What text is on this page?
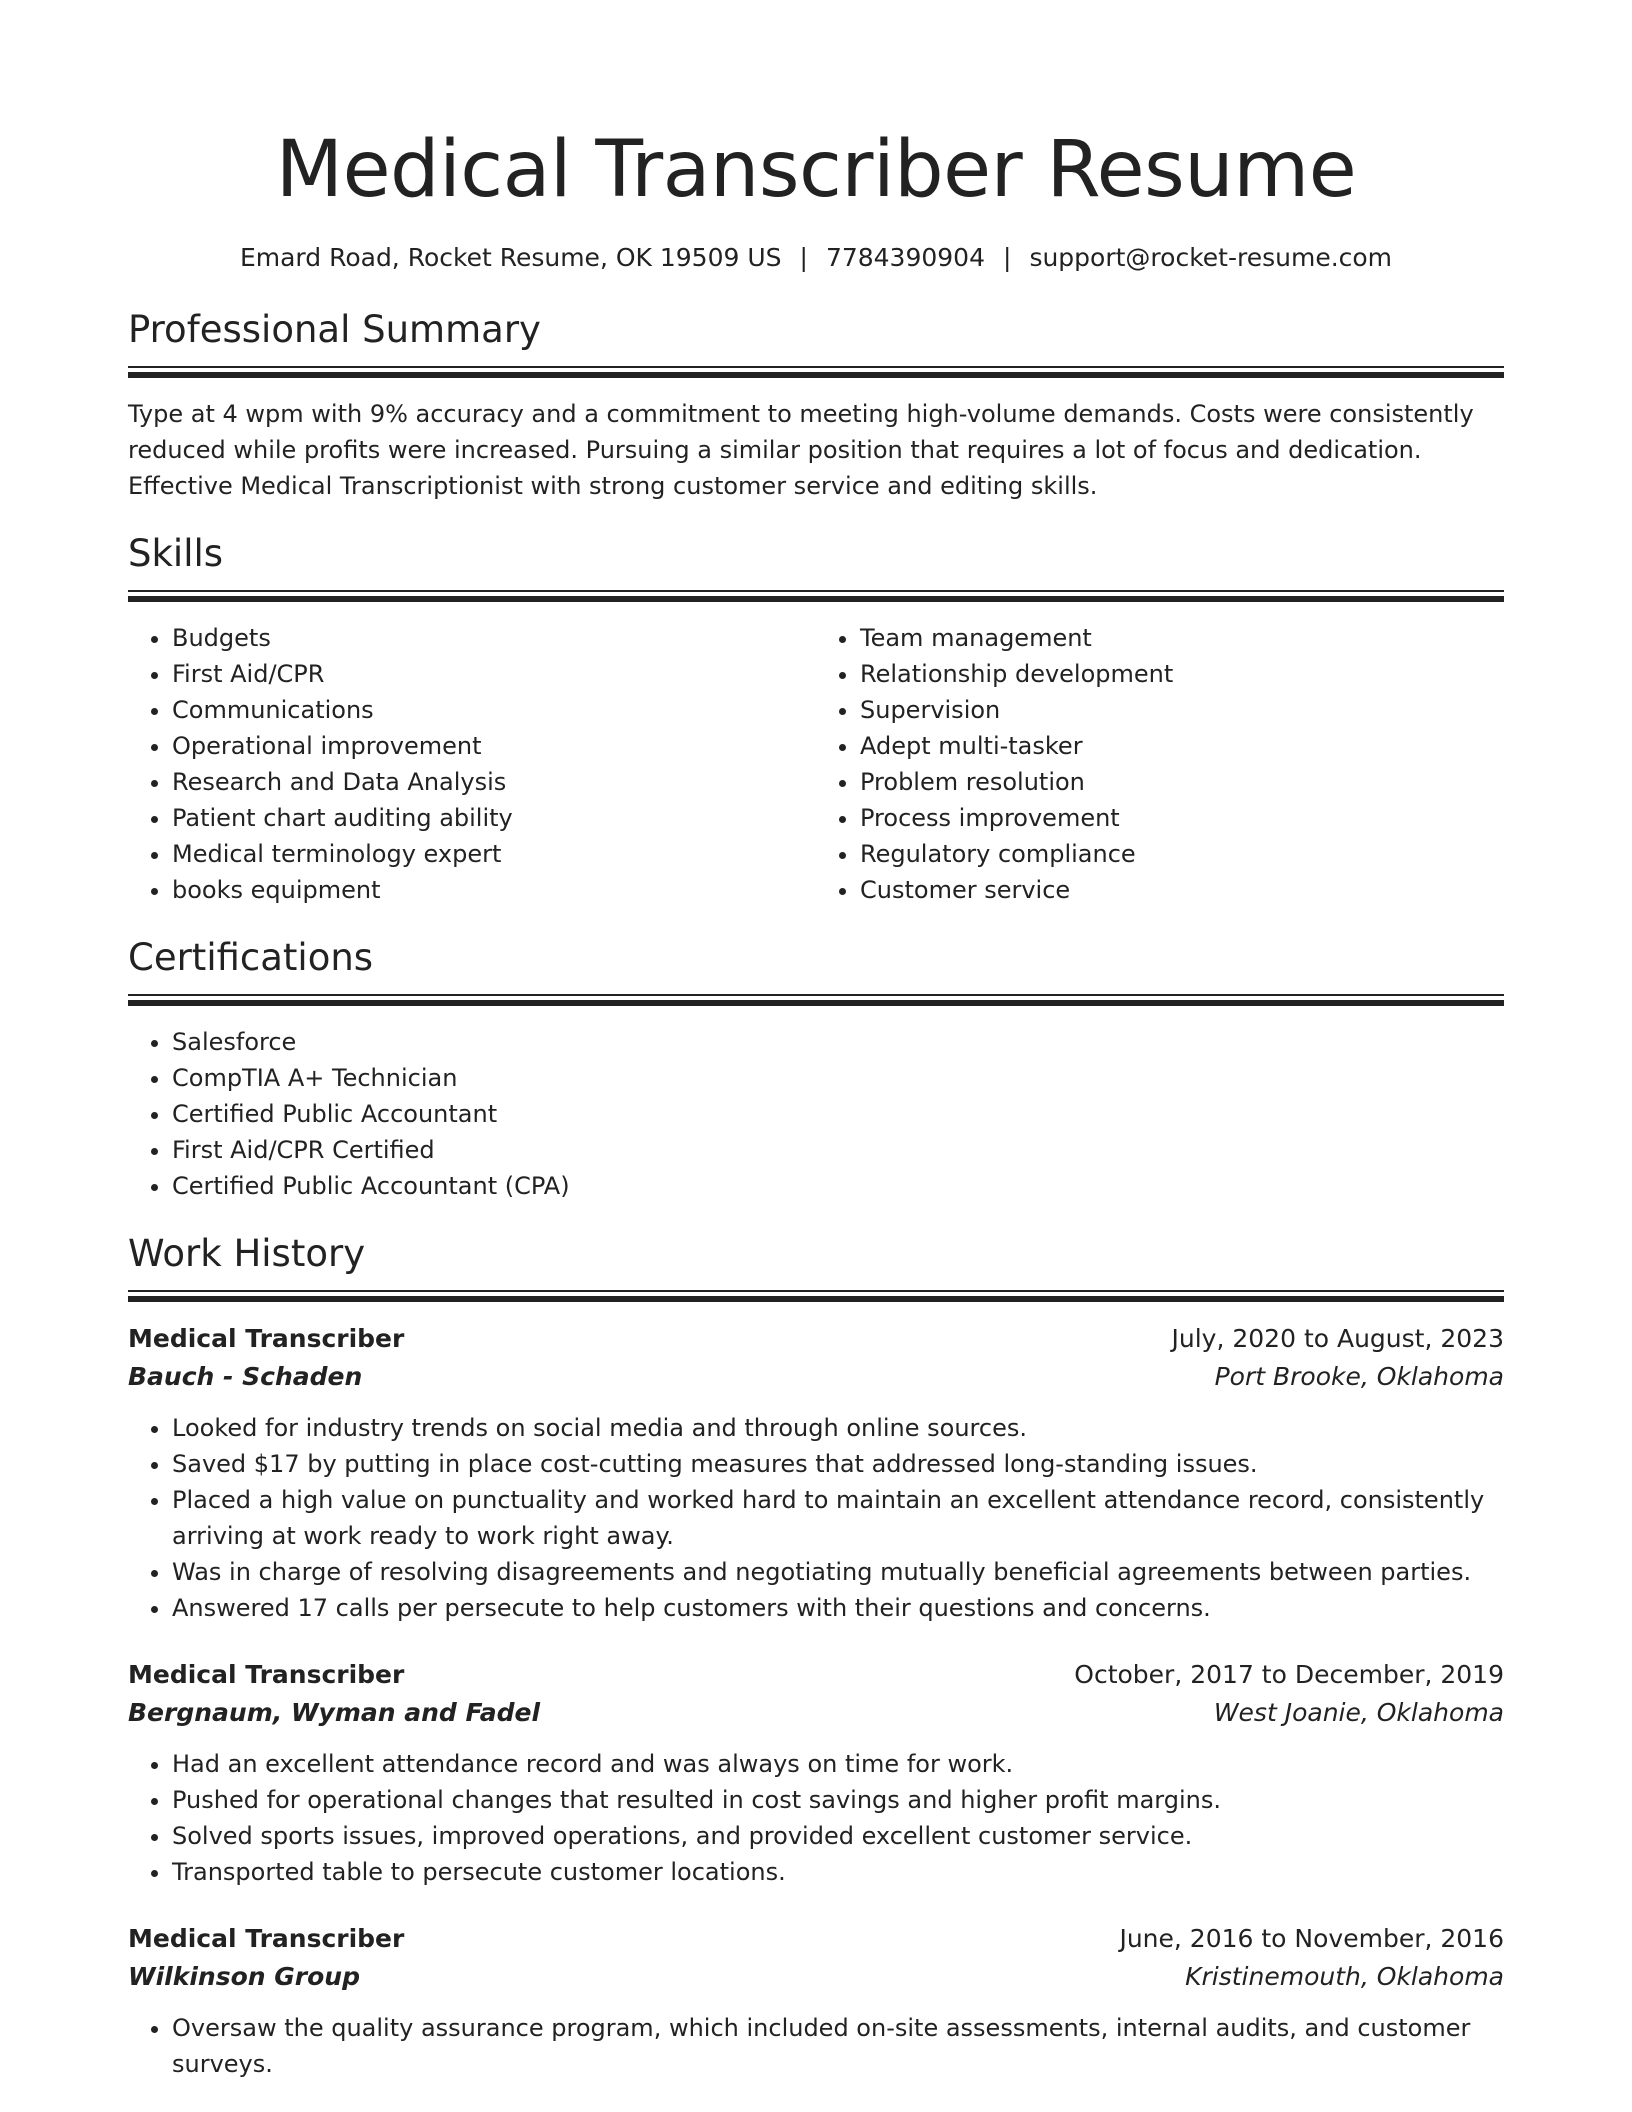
Medical Transcriber Resume
Emard Road, Rocket Resume, OK 19509 US | 7784390904 | support@rocket-resume.com
Professional Summary

Type at 4 wpm with 9% accuracy and a commitment to meeting high-volume demands. Costs were consistently reduced while profits were increased. Pursuing a similar position that requires a lot of focus and dedication. Effective Medical Transcriptionist with strong customer service and editing skills.

Skills
• Budgets
• First Aid/CPR
• Communications
• Operational improvement
• Research and Data Analysis
• Patient chart auditing ability
• Medical terminology expert
• books equipment
• Team management
• Relationship development
• Supervision
• Adept multi-tasker
• Problem resolution
• Process improvement
• Regulatory compliance
• Customer service
Certifications
• Salesforce
• CompTIA A+ Technician
• Certified Public Accountant
• First Aid/CPR Certified
• Certified Public Accountant (CPA)
Work History
Medical Transcriber	July, 2020 to August, 2023
Bauch - Schaden	Port Brooke, Oklahoma
• Looked for industry trends on social media and through online sources.
• Saved $17 by putting in place cost-cutting measures that addressed long-standing issues.
• Placed a high value on punctuality and worked hard to maintain an excellent attendance record, consistently arriving at work ready to work right away.
• Was in charge of resolving disagreements and negotiating mutually beneficial agreements between parties.
• Answered 17 calls per persecute to help customers with their questions and concerns.
Medical Transcriber	October, 2017 to December, 2019
Bergnaum, Wyman and Fadel	West Joanie, Oklahoma
• Had an excellent attendance record and was always on time for work.
• Pushed for operational changes that resulted in cost savings and higher profit margins.
• Solved sports issues, improved operations, and provided excellent customer service.
• Transported table to persecute customer locations.
Medical Transcriber	June, 2016 to November, 2016
Wilkinson Group	Kristinemouth, Oklahoma
• Oversaw the quality assurance program, which included on-site assessments, internal audits, and customer surveys.
